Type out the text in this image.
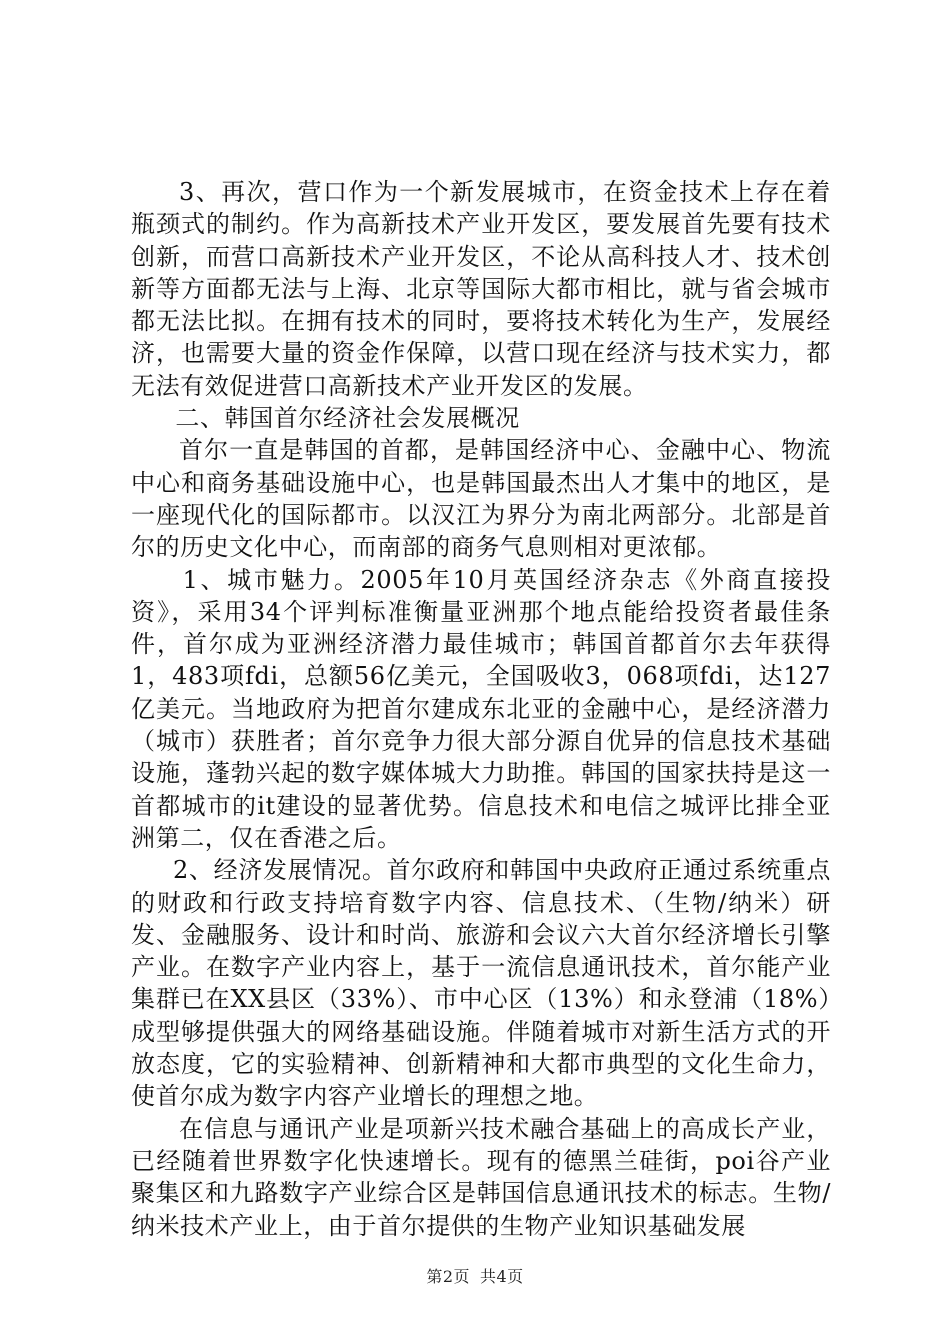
3、再次，营口作为一个新发展城市，在资金技术上存在着瓶颈式的制约。作为高新技术产业开发区，要发展首先要有技术创新，而营口高新技术产业开发区，不论从高科技人才、技术创新等方面都无法与上海、北京等国际大都市相比，就与省会城市都无法比拟。在拥有技术的同时，要将技术转化为生产，发展经济，也需要大量的资金作保障，以营口现在经济与技术实力，都无法有效促进营口高新技术产业开发区的发展。

二、韩国首尔经济社会发展概况

首尔一直是韩国的首都，是韩国经济中心、金融中心、物流中心和商务基础设施中心，也是韩国最杰出人才集中的地区，是一座现代化的国际都市。以汉江为界分为南北两部分。北部是首尔的历史文化中心，而南部的商务气息则相对更浓郁。

1、城市魅力。2005年10月英国经济杂志《外商直接投资》，采用34个评判标准衡量亚洲那个地点能给投资者最佳条件，首尔成为亚洲经济潜力最佳城市；韩国首都首尔去年获得1，483项fdi，总额56亿美元，全国吸收3，068项fdi，达127亿美元。当地政府为把首尔建成东北亚的金融中心，是经济潜力（城市）获胜者；首尔竞争力很大部分源自优异的信息技术基础设施，蓬勃兴起的数字媒体城大力助推。韩国的国家扶持是这一首都城市的it建设的显著优势。信息技术和电信之城评比排全亚洲第二，仅在香港之后。

2、经济发展情况。首尔政府和韩国中央政府正通过系统重点的财政和行政支持培育数字内容、信息技术、（生物/纳米）研发、金融服务、设计和时尚、旅游和会议六大首尔经济增长引擎产业。在数字产业内容上，基于一流信息通讯技术，首尔能产业集群已在XX县区（33%）、市中心区（13%）和永登浦（18%）成型够提供强大的网络基础设施。伴随着城市对新生活方式的开放态度，它的实验精神、创新精神和大都市典型的文化生命力，使首尔成为数字内容产业增长的理想之地。

在信息与通讯产业是项新兴技术融合基础上的高成长产业，已经随着世界数字化快速增长。现有的德黑兰硅街，poi谷产业聚集区和九路数字产业综合区是韩国信息通讯技术的标志。生物/纳米技术产业上，由于首尔提供的生物产业知识基础发展

第2页 共4页
